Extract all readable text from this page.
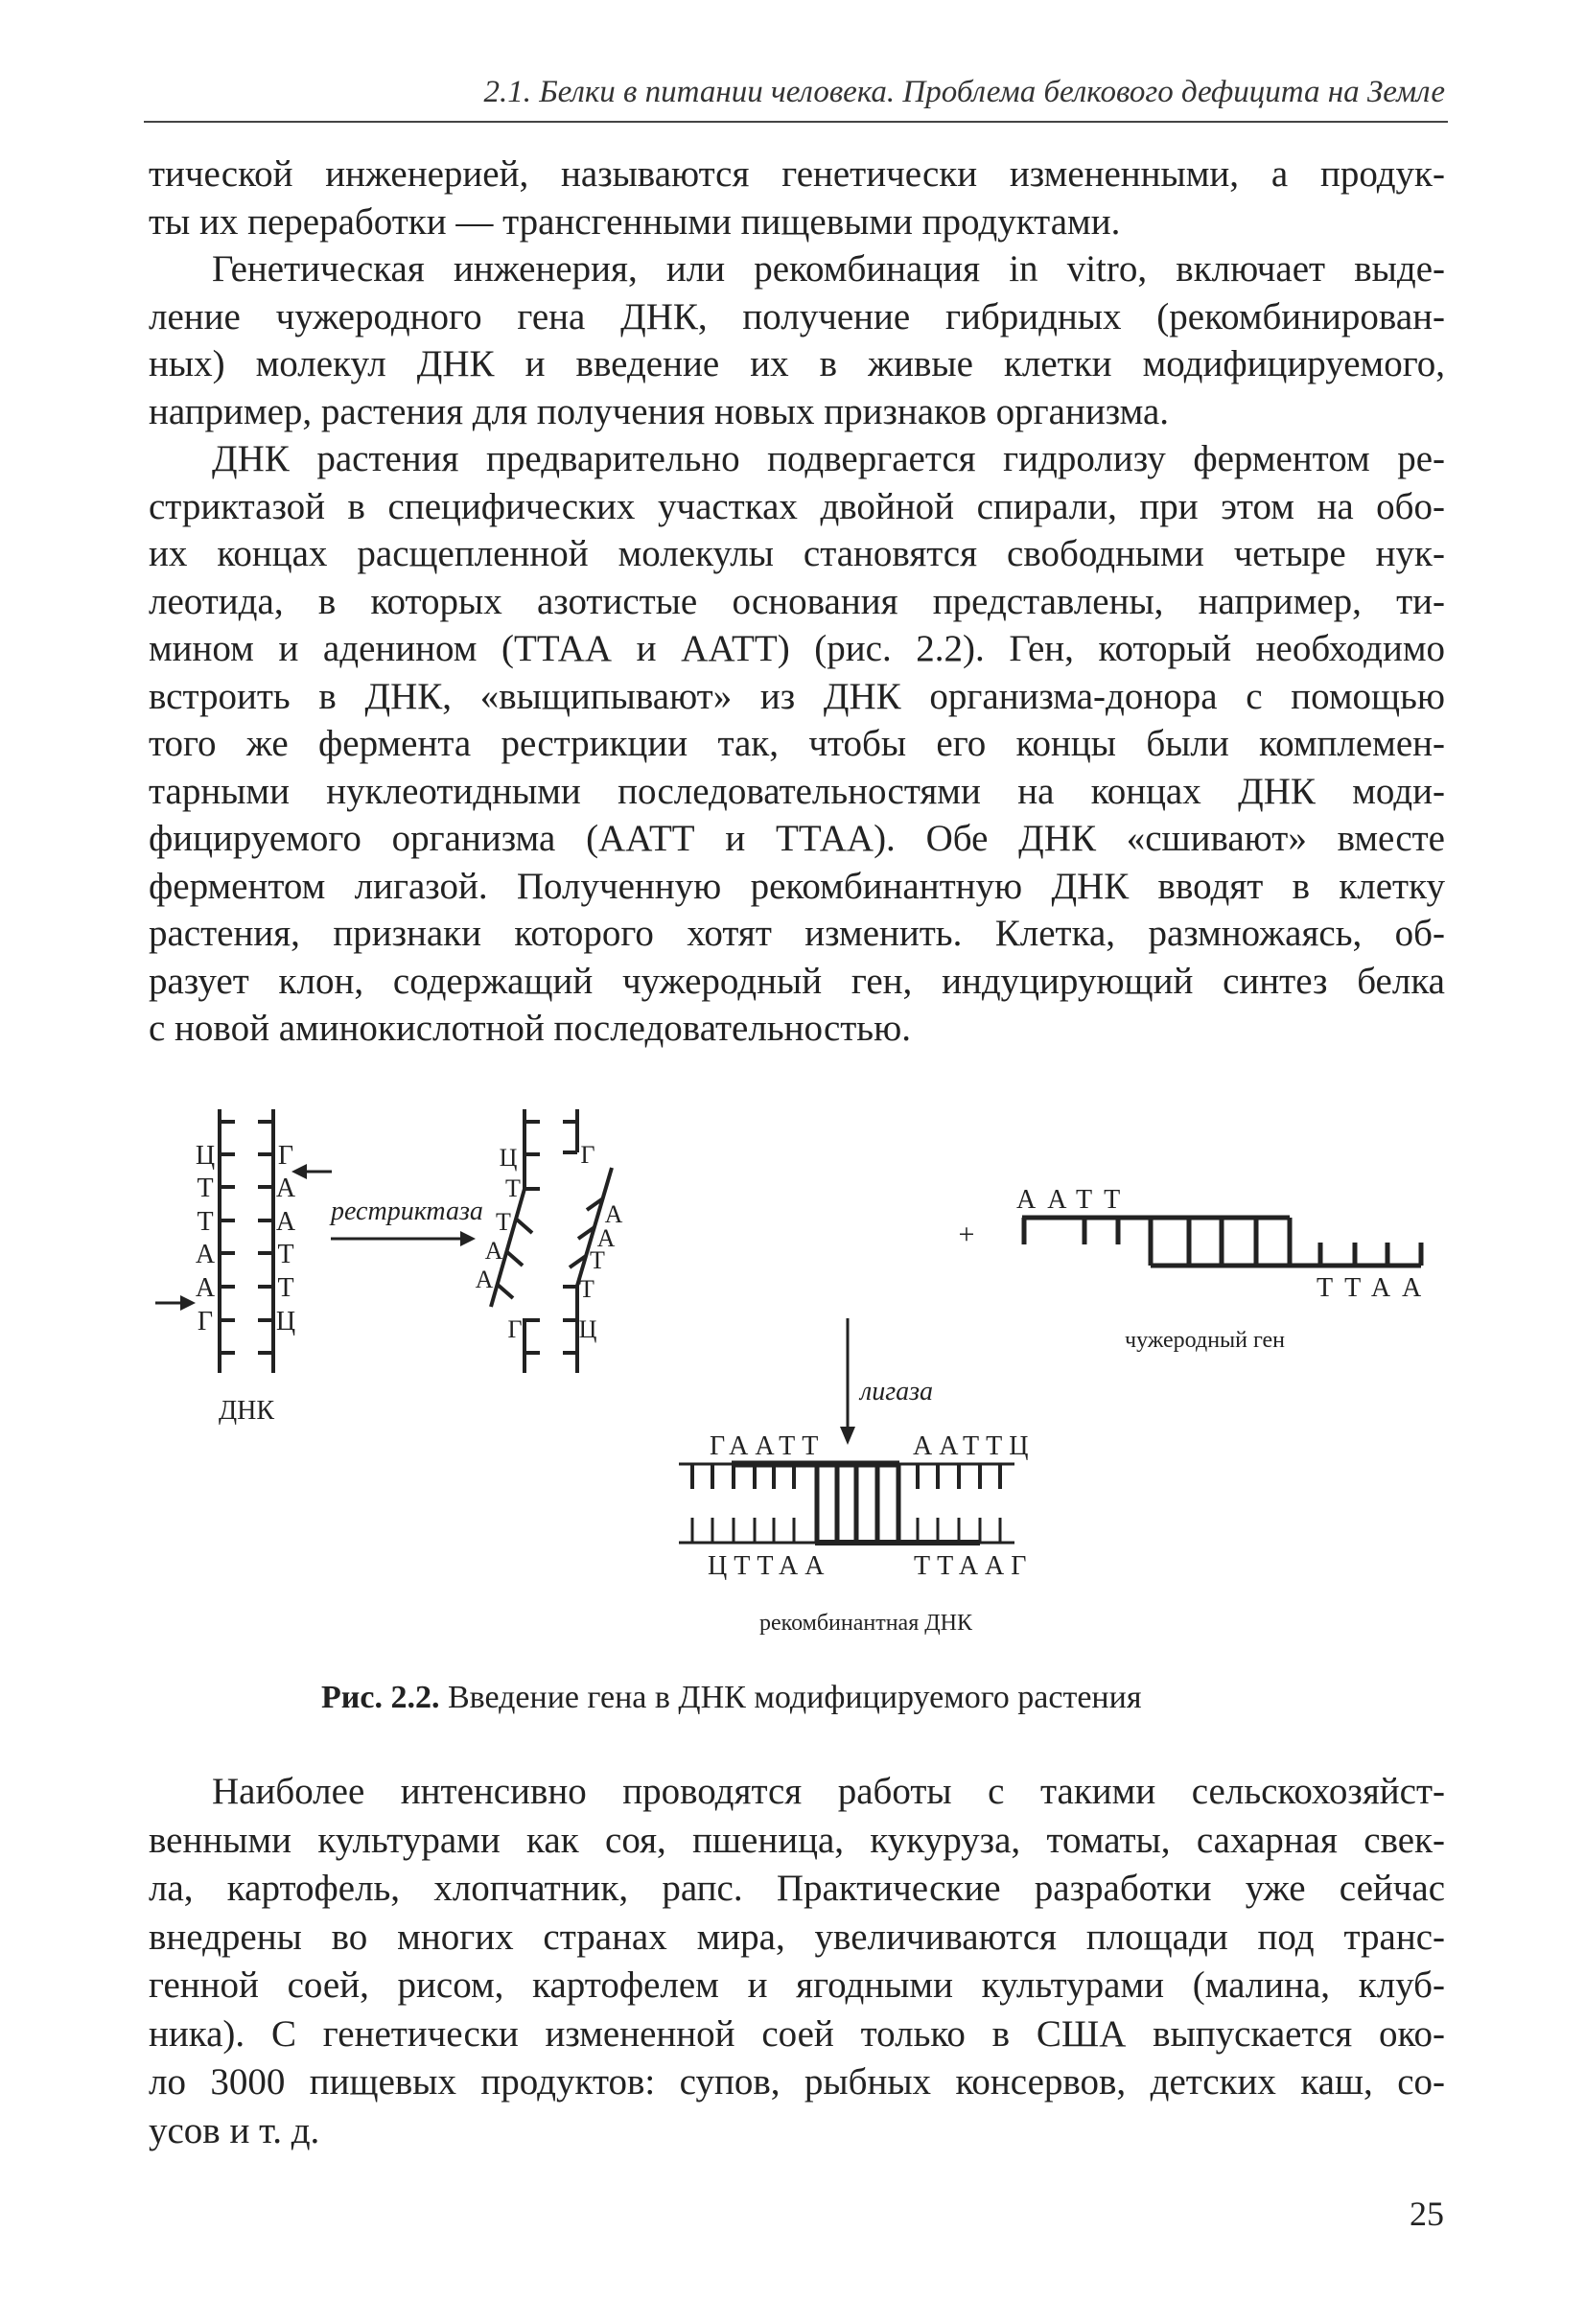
2.1. Белки в питании человека. Проблема белкового дефицита на Земле
тической инженерией, называются генетически измененными, а продук-
ты их переработки — трансгенными пищевыми продуктами.
Генетическая инженерия, или рекомбинация in vitro, включает выде-
ление чужеродного гена ДНК, получение гибридных (рекомбинирован-
ных) молекул ДНК и введение их в живые клетки модифицируемого,
например, растения для получения новых признаков организма.
ДНК растения предварительно подвергается гидролизу ферментом ре-
стриктазой в специфических участках двойной спирали, при этом на обо-
их концах расщепленной молекулы становятся свободными четыре нук-
леотида, в которых азотистые основания представлены, например, ти-
мином и аденином (ТТАА и ААТТ) (рис. 2.2). Ген, который необходимо
встроить в ДНК, «выщипывают» из ДНК организма-донора с помощью
того же фермента рестрикции так, чтобы его концы были комплемен-
тарными нуклеотидными последовательностями на концах ДНК моди-
фицируемого организма (ААТТ и ТТАА). Обе ДНК «сшивают» вместе
ферментом лигазой. Полученную рекомбинантную ДНК вводят в клетку
растения, признаки которого хотят изменить. Клетка, размножаясь, об-
разует клон, содержащий чужеродный ген, индуцирующий синтез белка
с новой аминокислотной последовательностью.
Ц
Т
Т
А
А
Г
Г
А
А
Т
Т
Ц
ДНК
рестриктаза
Ц
Т
Т
А
А
Г
Г
А
А
Т
Т
Ц
+
ААТТ
ТТАА
чужеродный ген
лигаза
ГААТТ	ААТТЦ
ЦТТАА	ТТААГ
рекомбинантная ДНК
Рис. 2.2. Введение гена в ДНК модифицируемого растения
Наиболее интенсивно проводятся работы с такими сельскохозяйст-
венными культурами как соя, пшеница, кукуруза, томаты, сахарная свек-
ла, картофель, хлопчатник, рапс. Практические разработки уже сейчас
внедрены во многих странах мира, увеличиваются площади под транс-
генной соей, рисом, картофелем и ягодными культурами (малина, клуб-
ника). С генетически измененной соей только в США выпускается око-
ло 3000 пищевых продуктов: супов, рыбных консервов, детских каш, со-
усов и т. д.
25
